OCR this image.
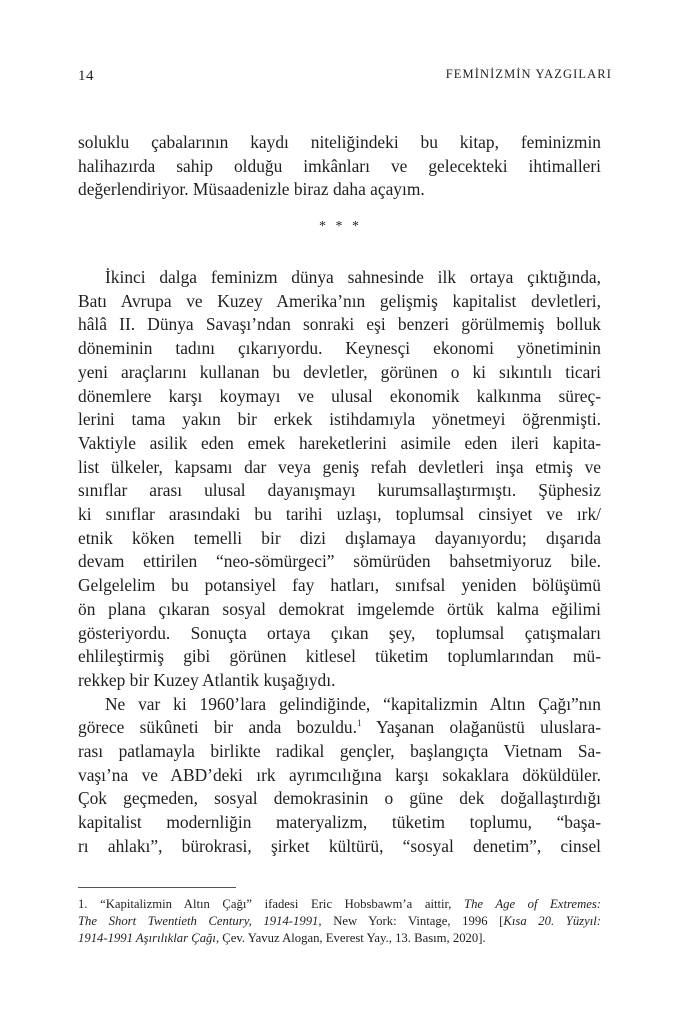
14	FEMİNİZMİN YAZGILARI
soluklu çabalarının kaydı niteliğindeki bu kitap, feminizmin
halihazırda sahip olduğu imkânları ve gelecekteki ihtimalleri
değerlendiriyor. Müsaadenizle biraz daha açayım.
* * *
İkinci dalga feminizm dünya sahnesinde ilk ortaya çıktığında,
Batı Avrupa ve Kuzey Amerika’nın gelişmiş kapitalist devletleri,
hâlâ II. Dünya Savaşı’ndan sonraki eşi benzeri görülmemiş bolluk
döneminin tadını çıkarıyordu. Keynesçi ekonomi yönetiminin
yeni araçlarını kullanan bu devletler, görünen o ki sıkıntılı ticari
dönemlere karşı koymayı ve ulusal ekonomik kalkınma süreç-
lerini tama yakın bir erkek istihdamıyla yönetmeyi öğrenmişti.
Vaktiyle asilik eden emek hareketlerini asimile eden ileri kapita-
list ülkeler, kapsamı dar veya geniş refah devletleri inşa etmiş ve
sınıflar arası ulusal dayanışmayı kurumsallaştırmıştı. Şüphesiz
ki sınıflar arasındaki bu tarihi uzlaşı, toplumsal cinsiyet ve ırk/
etnik köken temelli bir dizi dışlamaya dayanıyordu; dışarıda
devam ettirilen “neo-sömürgeci” sömürüden bahsetmiyoruz bile.
Gelgelelim bu potansiyel fay hatları, sınıfsal yeniden bölüşümü
ön plana çıkaran sosyal demokrat imgelemde örtük kalma eğilimi
gösteriyordu. Sonuçta ortaya çıkan şey, toplumsal çatışmaları
ehlileştirmiş gibi görünen kitlesel tüketim toplumlarından mü-
rekkep bir Kuzey Atlantik kuşağıydı.
Ne var ki 1960’lara gelindiğinde, “kapitalizmin Altın Çağı”nın
görece sükûneti bir anda bozuldu.$^1$ Yaşanan olağanüstü uluslara-
rası patlamayla birlikte radikal gençler, başlangıçta Vietnam Sa-
vaşı’na ve ABD’deki ırk ayrımcılığına karşı sokaklara döküldüler.
Çok geçmeden, sosyal demokrasinin o güne dek doğallaştırdığı
kapitalist modernliğin materyalizm, tüketim toplumu, “başa-
rı ahlakı”, bürokrasi, şirket kültürü, “sosyal denetim”, cinsel
1. “Kapitalizmin Altın Çağı” ifadesi Eric Hobsbawm’a aittir, The Age of Extremes:
The Short Twentieth Century, 1914-1991, New York: Vintage, 1996 [Kısa 20. Yüzyıl:
1914-1991 Aşırılıklar Çağı, Çev. Yavuz Alogan, Everest Yay., 13. Basım, 2020].
